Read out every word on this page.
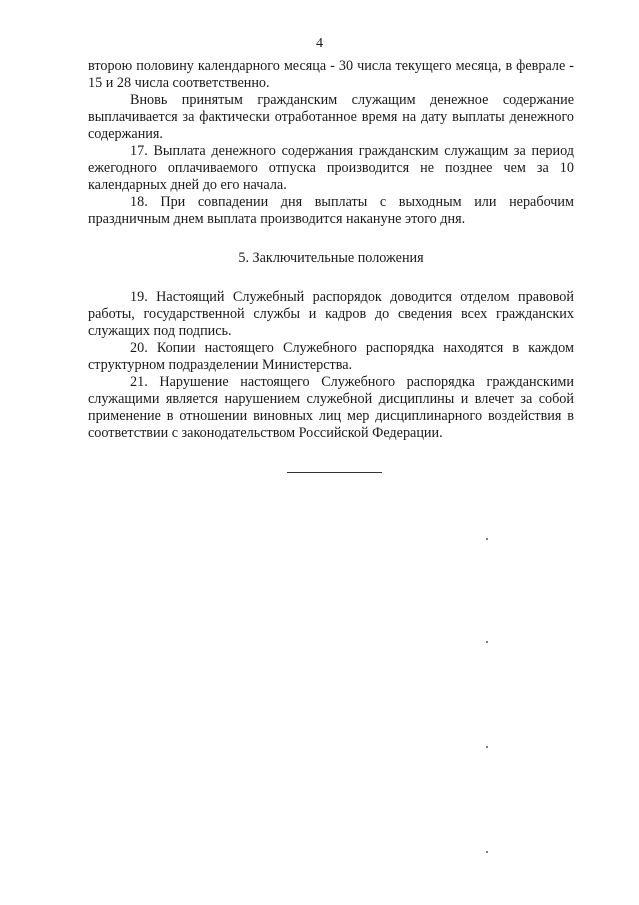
4

второю половину календарного месяца - 30 числа текущего месяца, в феврале - 15 и 28 числа соответственно.

Вновь принятым гражданским служащим денежное содержание выплачивается за фактически отработанное время на дату выплаты денежного содержания.

17. Выплата денежного содержания гражданским служащим за период ежегодного оплачиваемого отпуска производится не позднее чем за 10 календарных дней до его начала.

18. При совпадении дня выплаты с выходным или нерабочим праздничным днем выплата производится накануне этого дня.

5. Заключительные положения

19. Настоящий Служебный распорядок доводится отделом правовой работы, государственной службы и кадров до сведения всех гражданских служащих под подпись.

20. Копии настоящего Служебного распорядка находятся в каждом структурном подразделении Министерства.

21. Нарушение настоящего Служебного распорядка гражданскими служащими является нарушением служебной дисциплины и влечет за собой применение в отношении виновных лиц мер дисциплинарного воздействия в соответствии с законодательством Российской Федерации.
